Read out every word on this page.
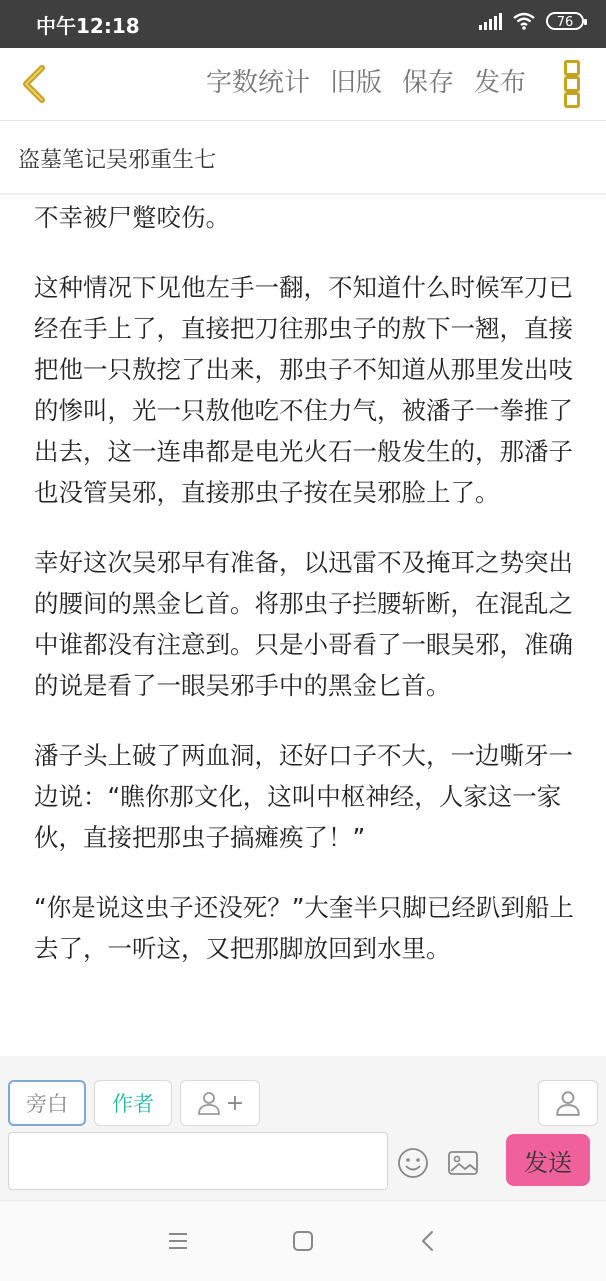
中午12:18	76
字数统计 旧版 保存 发布
盗墓笔记吴邪重生七

不幸被尸蹩咬伤。

这种情况下见他左手一翻，不知道什么时候军刀已经在手上了，直接把刀往那虫子的敖下一翘，直接把他一只敖挖了出来，那虫子不知道从那里发出吱的惨叫，光一只敖他吃不住力气，被潘子一拳推了出去，这一连串都是电光火石一般发生的，那潘子也没管吴邪，直接那虫子按在吴邪脸上了。

幸好这次吴邪早有准备，以迅雷不及掩耳之势突出的腰间的黑金匕首。将那虫子拦腰斩断，在混乱之中谁都没有注意到。只是小哥看了一眼吴邪，准确的说是看了一眼吴邪手中的黑金匕首。

潘子头上破了两血洞，还好口子不大，一边嘶牙一边说：“瞧你那文化，这叫中枢神经，人家这一家伙，直接把那虫子搞瘫痪了！”

“你是说这虫子还没死？”大奎半只脚已经趴到船上去了，一听这，又把那脚放回到水里。

旁白 作者	+
发送
